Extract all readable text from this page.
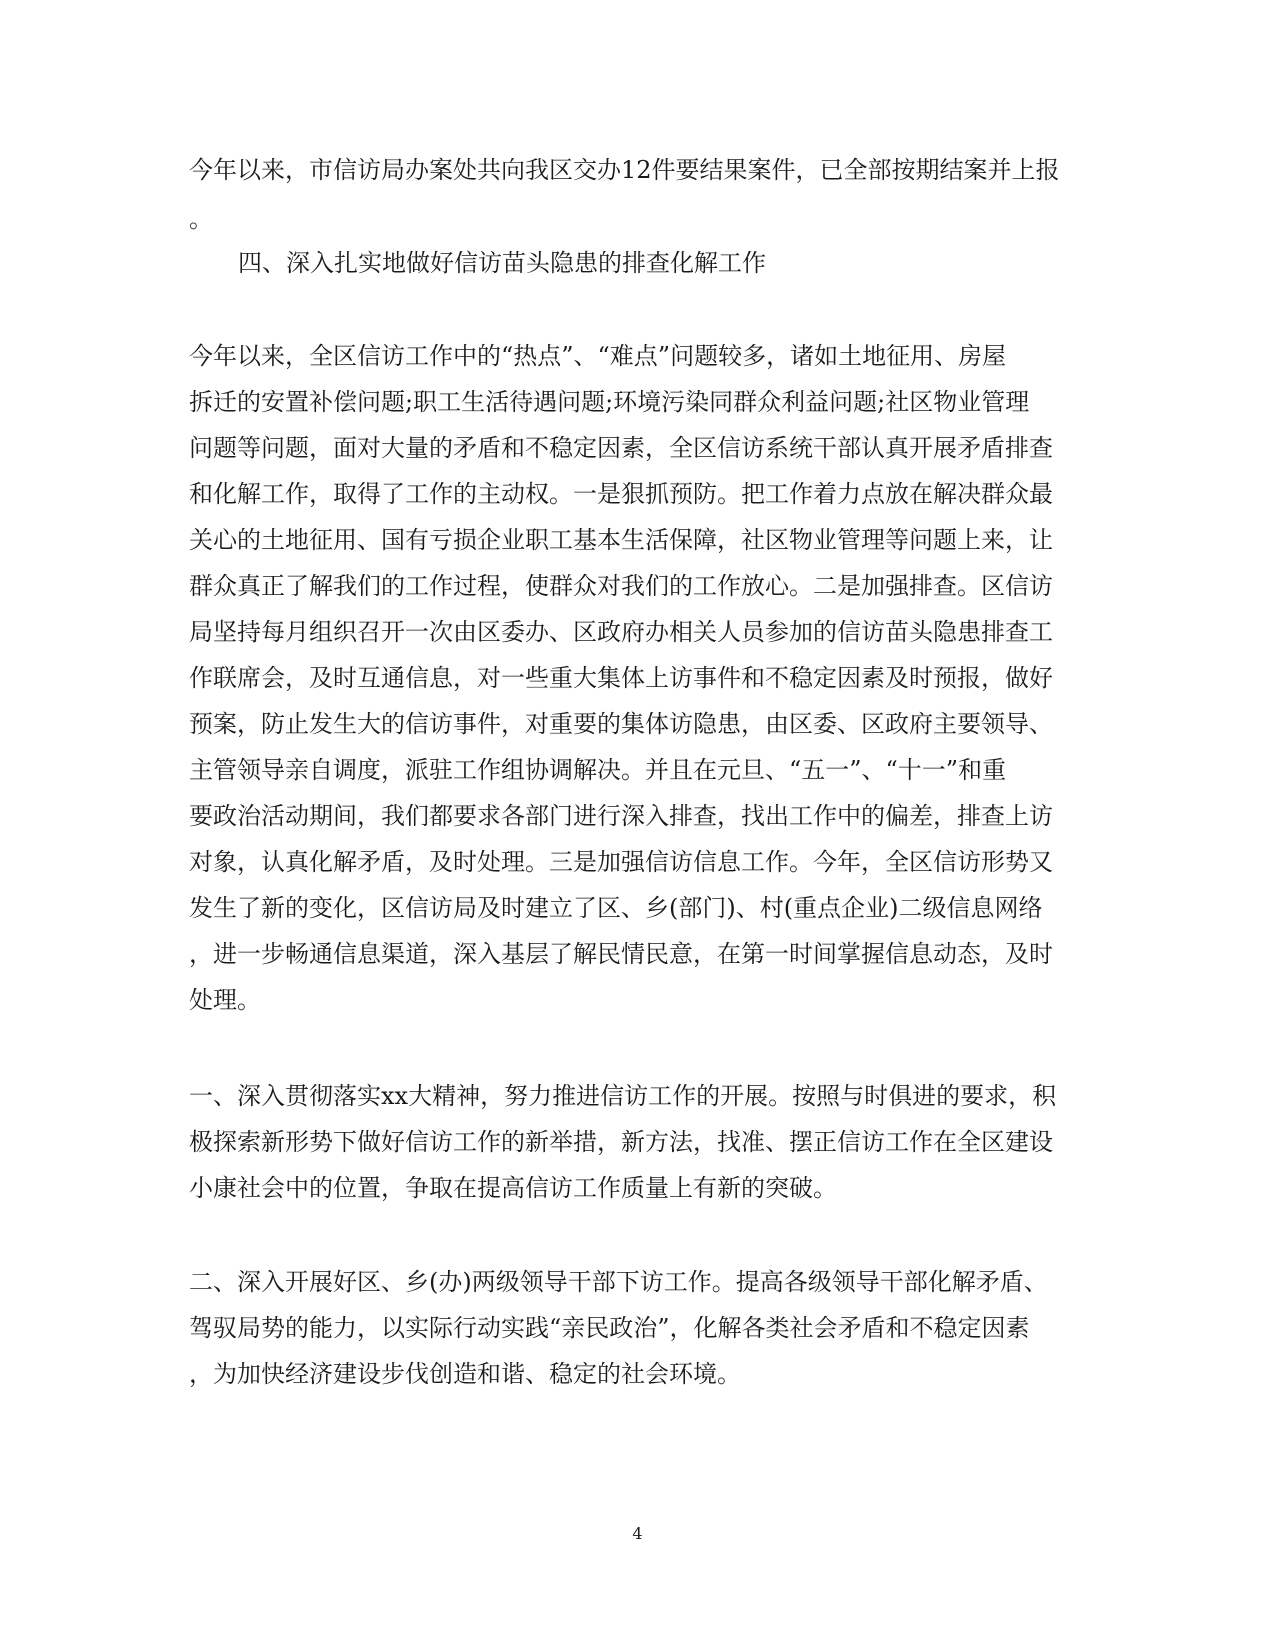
今年以来，市信访局办案处共向我区交办12件要结果案件，已全部按期结案并上报
。
四、深入扎实地做好信访苗头隐患的排查化解工作
今年以来，全区信访工作中的“热点”、“难点”问题较多，诸如土地征用、房屋
拆迁的安置补偿问题;职工生活待遇问题;环境污染同群众利益问题;社区物业管理
问题等问题，面对大量的矛盾和不稳定因素，全区信访系统干部认真开展矛盾排查
和化解工作，取得了工作的主动权。一是狠抓预防。把工作着力点放在解决群众最
关心的土地征用、国有亏损企业职工基本生活保障，社区物业管理等问题上来，让
群众真正了解我们的工作过程，使群众对我们的工作放心。二是加强排查。区信访
局坚持每月组织召开一次由区委办、区政府办相关人员参加的信访苗头隐患排查工
作联席会，及时互通信息，对一些重大集体上访事件和不稳定因素及时预报，做好
预案，防止发生大的信访事件，对重要的集体访隐患，由区委、区政府主要领导、
主管领导亲自调度，派驻工作组协调解决。并且在元旦、“五一”、“十一”和重
要政治活动期间，我们都要求各部门进行深入排查，找出工作中的偏差，排查上访
对象，认真化解矛盾，及时处理。三是加强信访信息工作。今年，全区信访形势又
发生了新的变化，区信访局及时建立了区、乡(部门)、村(重点企业)二级信息网络
，进一步畅通信息渠道，深入基层了解民情民意，在第一时间掌握信息动态，及时
处理。
一、深入贯彻落实xx大精神，努力推进信访工作的开展。按照与时俱进的要求，积
极探索新形势下做好信访工作的新举措，新方法，找准、摆正信访工作在全区建设
小康社会中的位置，争取在提高信访工作质量上有新的突破。
二、深入开展好区、乡(办)两级领导干部下访工作。提高各级领导干部化解矛盾、
驾驭局势的能力，以实际行动实践“亲民政治”，化解各类社会矛盾和不稳定因素
，为加快经济建设步伐创造和谐、稳定的社会环境。
4
